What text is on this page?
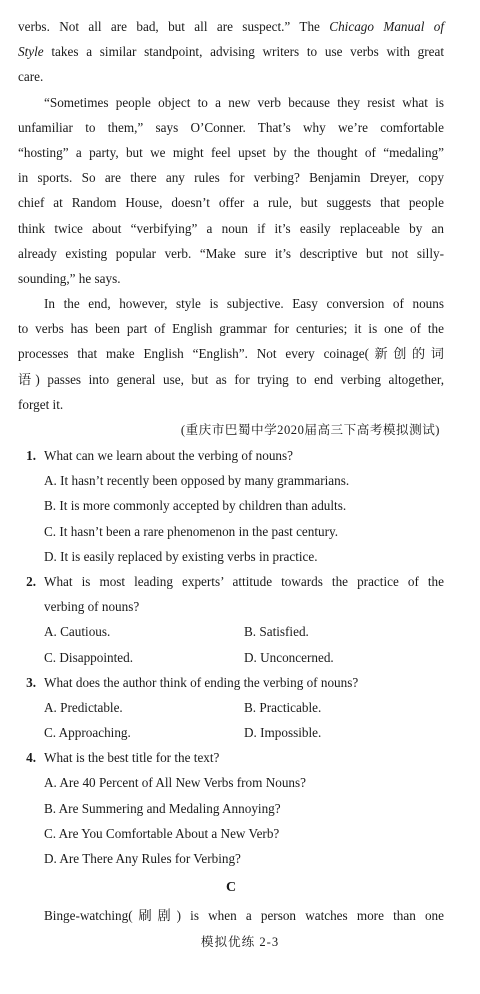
verbs. Not all are bad, but all are suspect.” The Chicago Manual of
Style takes a similar standpoint, advising writers to use verbs with great
care.
“Sometimes people object to a new verb because they resist what is
unfamiliar to them,” says O’Conner. That’s why we’re comfortable
“hosting” a party, but we might feel upset by the thought of “medaling”
in sports. So are there any rules for verbing? Benjamin Dreyer, copy
chief at Random House, doesn’t offer a rule, but suggests that people
think twice about “verbifying” a noun if it’s easily replaceable by an
already existing popular verb. “Make sure it’s descriptive but not silly-
sounding,” he says.
In the end, however, style is subjective. Easy conversion of nouns
to verbs has been part of English grammar for centuries; it is one of the
processes that make English “English”. Not every coinage(新创的词
语) passes into general use, but as for trying to end verbing altogether,
forget it.
(重庆市巴蜀中学2020届高三下高考模拟测试)
1. What can we learn about the verbing of nouns?
A. It hasn’t recently been opposed by many grammarians.
B. It is more commonly accepted by children than adults.
C. It hasn’t been a rare phenomenon in the past century.
D. It is easily replaced by existing verbs in practice.
2. What is most leading experts’ attitude towards the practice of the
verbing of nouns?
A. Cautious.	B. Satisfied.
C. Disappointed.	D. Unconcerned.
3. What does the author think of ending the verbing of nouns?
A. Predictable.	B. Practicable.
C. Approaching.	D. Impossible.
4. What is the best title for the text?
A. Are 40 Percent of All New Verbs from Nouns?
B. Are Summering and Medaling Annoying?
C. Are You Comfortable About a New Verb?
D. Are There Any Rules for Verbing?
C
Binge-watching(刷剧) is when a person watches more than one
模拟优练 2-3
